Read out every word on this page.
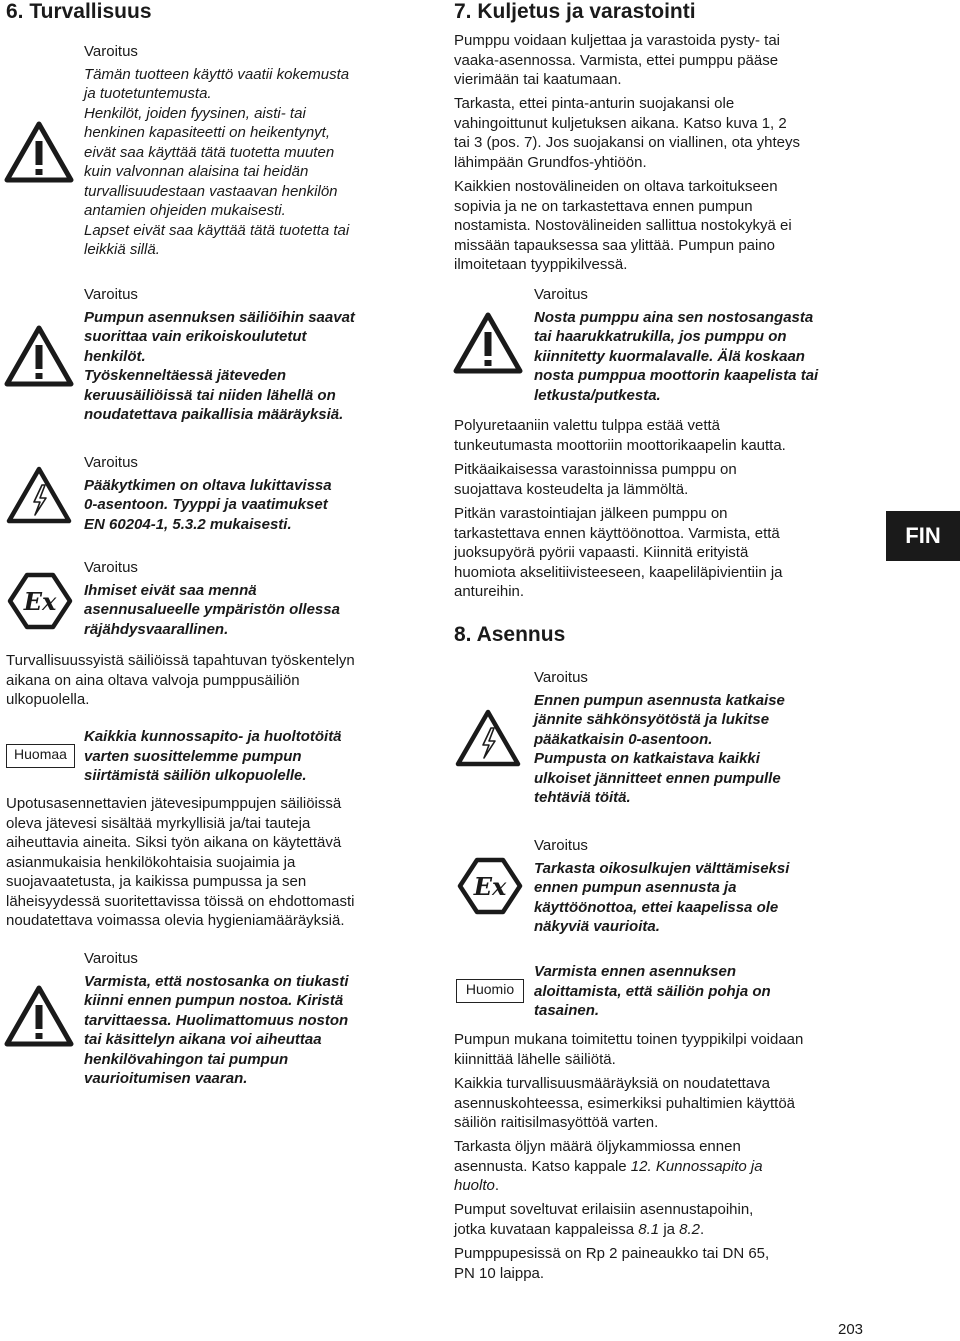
6. Turvallisuus
Varoitus
Tämän tuotteen käyttö vaatii kokemusta
ja tuotetuntemusta.
Henkilöt, joiden fyysinen, aisti- tai
henkinen kapasiteetti on heikentynyt,
eivät saa käyttää tätä tuotetta muuten
kuin valvonnan alaisina tai heidän
turvallisuudestaan vastaavan henkilön
antamien ohjeiden mukaisesti.
Lapset eivät saa käyttää tätä tuotetta tai
leikkiä sillä.
Varoitus
Pumpun asennuksen säiliöihin saavat
suorittaa vain erikoiskoulutetut
henkilöt.
Työskenneltäessä jäteveden
keruusäiliöissä tai niiden lähellä on
noudatettava paikallisia määräyksiä.
Varoitus
Pääkytkimen on oltava lukittavissa
0-asentoon. Tyyppi ja vaatimukset
EN 60204-1, 5.3.2 mukaisesti.
Ex
Varoitus
Ihmiset eivät saa mennä
asennusalueelle ympäristön ollessa
räjähdysvaarallinen.
Turvallisuussyistä säiliöissä tapahtuvan työskentelyn
aikana on aina oltava valvoja pumppusäiliön
ulkopuolella.
Huomaa
Kaikkia kunnossapito- ja huoltotöitä
varten suosittelemme pumpun
siirtämistä säiliön ulkopuolelle.
Upotusasennettavien jätevesipumppujen säiliöissä
oleva jätevesi sisältää myrkyllisiä ja/tai tauteja
aiheuttavia aineita. Siksi työn aikana on käytettävä
asianmukaisia henkilökohtaisia suojaimia ja
suojavaatetusta, ja kaikissa pumpussa ja sen
läheisyydessä suoritettavissa töissä on ehdottomasti
noudatettava voimassa olevia hygieniamääräyksiä.
Varoitus
Varmista, että nostosanka on tiukasti
kiinni ennen pumpun nostoa. Kiristä
tarvittaessa. Huolimattomuus noston
tai käsittelyn aikana voi aiheuttaa
henkilövahingon tai pumpun
vaurioitumisen vaaran.
7. Kuljetus ja varastointi
Pumppu voidaan kuljettaa ja varastoida pysty- tai
vaaka-asennossa. Varmista, ettei pumppu pääse
vierimään tai kaatumaan.
Tarkasta, ettei pinta-anturin suojakansi ole
vahingoittunut kuljetuksen aikana. Katso kuva 1, 2
tai 3 (pos. 7). Jos suojakansi on viallinen, ota yhteys
lähimpään Grundfos-yhtiöön.
Kaikkien nostovälineiden on oltava tarkoitukseen
sopivia ja ne on tarkastettava ennen pumpun
nostamista. Nostovälineiden sallittua nostokykyä ei
missään tapauksessa saa ylittää. Pumpun paino
ilmoitetaan tyyppikilvessä.
Varoitus
Nosta pumppu aina sen nostosangasta
tai haarukkatrukilla, jos pumppu on
kiinnitetty kuormalavalle. Älä koskaan
nosta pumppua moottorin kaapelista tai
letkusta/putkesta.
Polyuretaaniin valettu tulppa estää vettä
tunkeutumasta moottoriin moottorikaapelin kautta.
Pitkäaikaisessa varastoinnissa pumppu on
suojattava kosteudelta ja lämmöltä.
Pitkän varastointiajan jälkeen pumppu on
tarkastettava ennen käyttöönottoa. Varmista, että
juoksupyörä pyörii vapaasti. Kiinnitä erityistä
huomiota akselitiivisteeseen, kaapeliläpivientiin ja
antureihin.
8. Asennus
Varoitus
Ennen pumpun asennusta katkaise
jännite sähkönsyötöstä ja lukitse
pääkatkaisin 0-asentoon.
Pumpusta on katkaistava kaikki
ulkoiset jännitteet ennen pumpulle
tehtäviä töitä.
Ex
Varoitus
Tarkasta oikosulkujen välttämiseksi
ennen pumpun asennusta ja
käyttöönottoa, ettei kaapelissa ole
näkyviä vaurioita.
Huomio
Varmista ennen asennuksen
aloittamista, että säiliön pohja on
tasainen.
Pumpun mukana toimitettu toinen tyyppikilpi voidaan
kiinnittää lähelle säiliötä.
Kaikkia turvallisuusmääräyksiä on noudatettava
asennuskohteessa, esimerkiksi puhaltimien käyttöä
säiliön raitisilmasyöttöä varten.
Tarkasta öljyn määrä öljykammiossa ennen
asennusta. Katso kappale 12. Kunnossapito ja
huolto.
Pumput soveltuvat erilaisiin asennustapoihin,
jotka kuvataan kappaleissa 8.1 ja 8.2.
Pumppupesissä on Rp 2 paineaukko tai DN 65,
PN 10 laippa.
FIN
203
